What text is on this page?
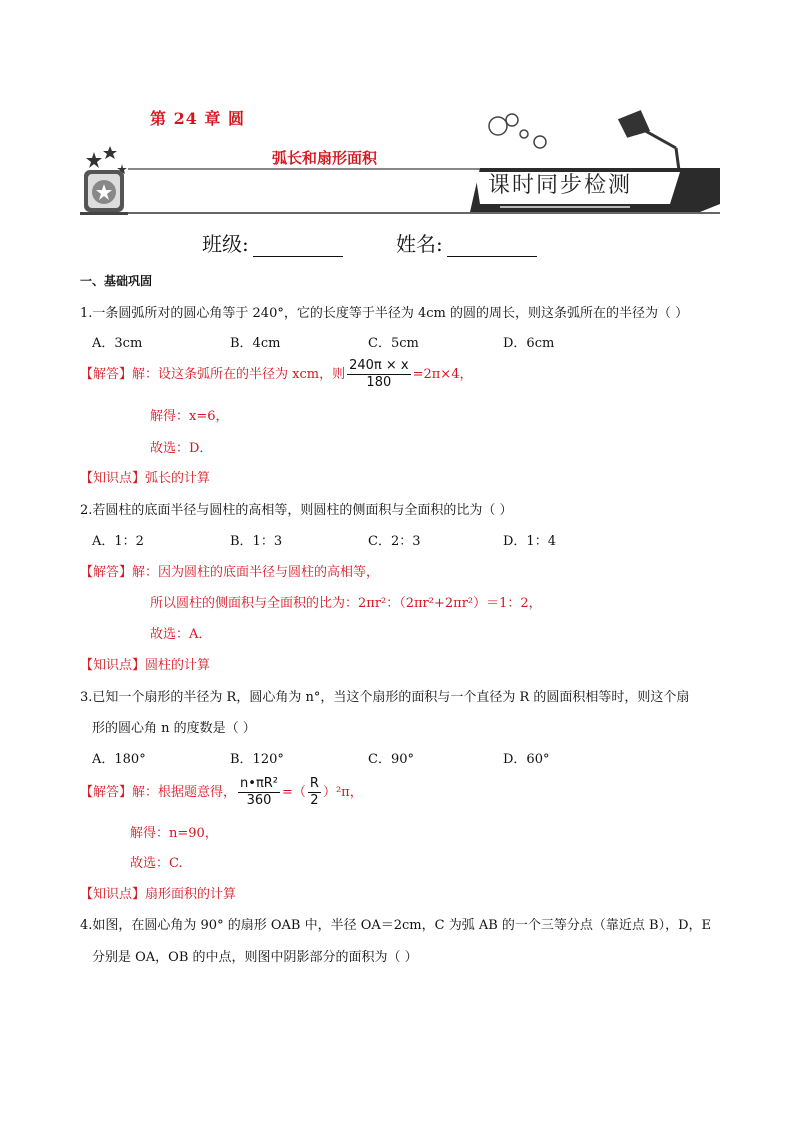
第 24 章 圆
弧长和扇形面积
课时同步检测
班级:	姓名:
一、基础巩固
1.一条圆弧所对的圆心角等于 240°，它的长度等于半径为 4cm 的圆的周长，则这条弧所在的半径为（ ）
A．3cm	B．4cm	C．5cm	D．6cm
【解答】解：设这条弧所在的半径为 xcm，则 $\frac{240\pi \times x}{180} =2\pi\times 4$，
解得：x=6，
故选：D．
【知识点】弧长的计算
2.若圆柱的底面半径与圆柱的高相等，则圆柱的侧面积与全面积的比为（ ）
A．1：2	B．1：3	C．2：3	D．1：4
【解答】解：因为圆柱的底面半径与圆柱的高相等，
所以圆柱的侧面积与全面积的比为：2πr²：（2πr²+2πr²）＝1：2，
故选：A．
【知识点】圆柱的计算
3.已知一个扇形的半径为 R，圆心角为 n°，当这个扇形的面积与一个直径为 R 的圆面积相等时，则这个扇
形的圆心角 n 的度数是（ ）
A．180°	B．120°	C．90°	D．60°
【解答】解：根据题意得， $\frac{\text{n•πR²}}{360}$ =（ $\frac{R}{2} )^2\pi$，
解得：n=90，
故选：C.
【知识点】扇形面积的计算
4.如图，在圆心角为 90° 的扇形 OAB 中，半径 OA＝2cm，C 为弧 AB 的一个三等分点（靠近点 B），D，E
分别是 OA，OB 的中点，则图中阴影部分的面积为（ ）
